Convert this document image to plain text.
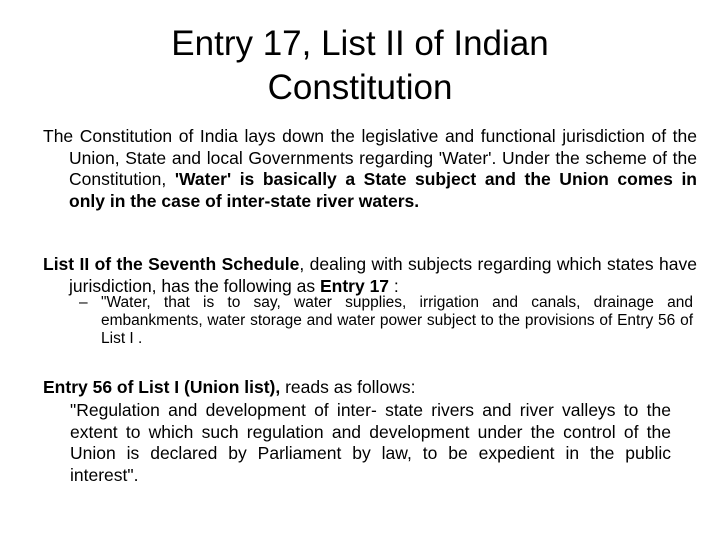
Entry 17, List II of Indian
Constitution

The Constitution of India lays down the legislative and functional jurisdiction of the Union, State and local Governments regarding 'Water'. Under the scheme of the Constitution, 'Water' is basically a State subject and the Union comes in only in the case of inter-state river waters.

List II of the Seventh Schedule, dealing with subjects regarding which states have jurisdiction, has the following as Entry 17 :

– "Water, that is to say, water supplies, irrigation and canals, drainage and embankments, water storage and water power subject to the provisions of Entry 56 of List I .

Entry 56 of List I (Union list), reads as follows:

"Regulation and development of inter- state rivers and river valleys to the extent to which such regulation and development under the control of the Union is declared by Parliament by law, to be expedient in the public interest".
